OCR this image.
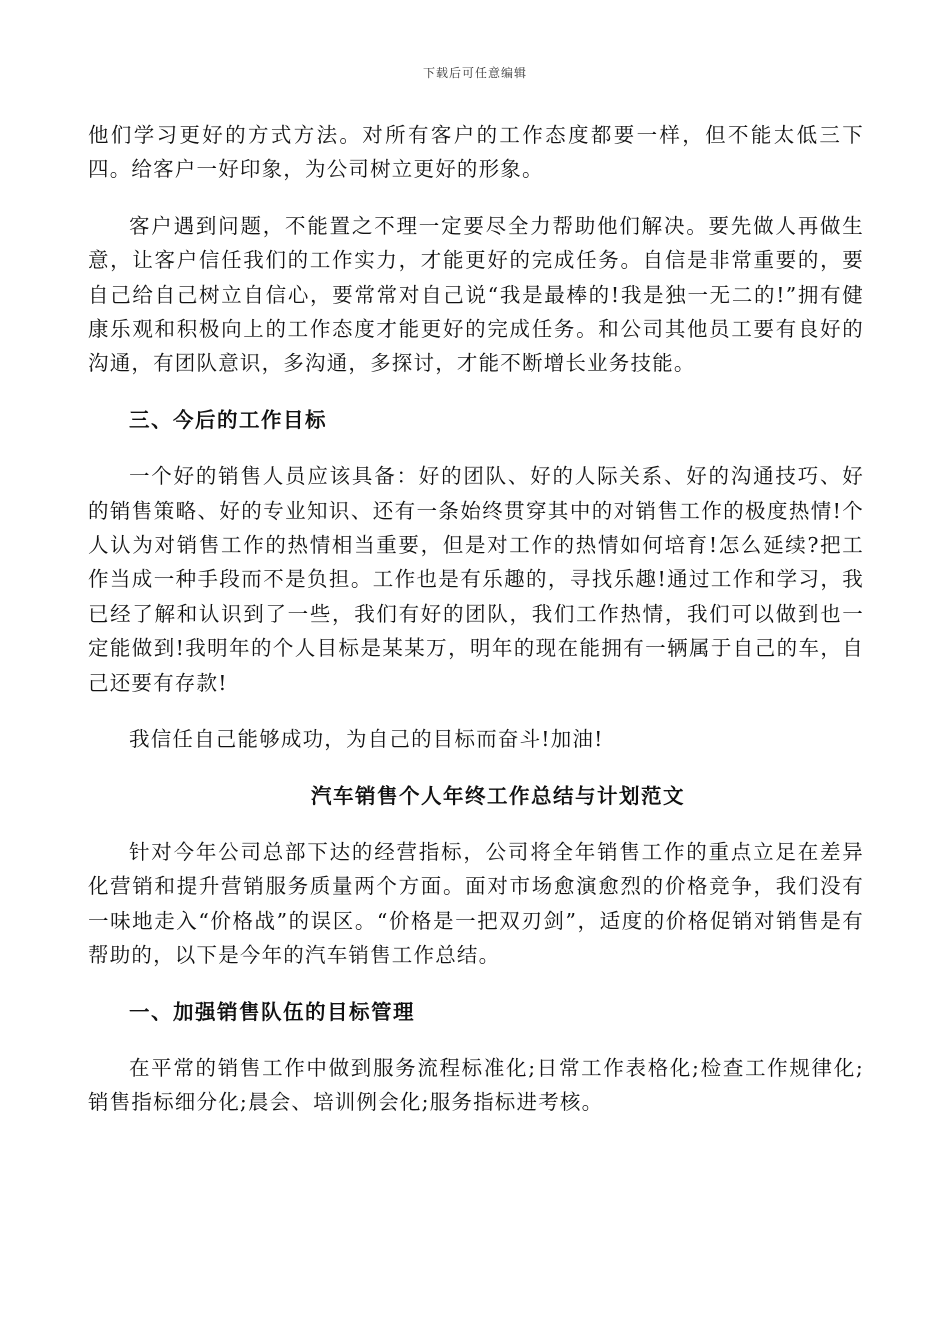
下载后可任意编辑

他们学习更好的方式方法。对所有客户的工作态度都要一样，但不能太低三下四。给客户一好印象，为公司树立更好的形象。

客户遇到问题，不能置之不理一定要尽全力帮助他们解决。要先做人再做生意，让客户信任我们的工作实力，才能更好的完成任务。自信是非常重要的，要自己给自己树立自信心，要常常对自己说“我是最棒的!我是独一无二的!”拥有健康乐观和积极向上的工作态度才能更好的完成任务。和公司其他员工要有良好的沟通，有团队意识，多沟通，多探讨，才能不断增长业务技能。

三、今后的工作目标

一个好的销售人员应该具备：好的团队、好的人际关系、好的沟通技巧、好的销售策略、好的专业知识、还有一条始终贯穿其中的对销售工作的极度热情!个人认为对销售工作的热情相当重要，但是对工作的热情如何培育!怎么延续?把工作当成一种手段而不是负担。工作也是有乐趣的，寻找乐趣!通过工作和学习，我已经了解和认识到了一些，我们有好的团队，我们工作热情，我们可以做到也一定能做到!我明年的个人目标是某某万，明年的现在能拥有一辆属于自己的车，自己还要有存款!

我信任自己能够成功，为自己的目标而奋斗!加油!

汽车销售个人年终工作总结与计划范文

针对今年公司总部下达的经营指标，公司将全年销售工作的重点立足在差异化营销和提升营销服务质量两个方面。面对市场愈演愈烈的价格竞争，我们没有一味地走入“价格战”的误区。“价格是一把双刃剑”，适度的价格促销对销售是有帮助的，以下是今年的汽车销售工作总结。

一、加强销售队伍的目标管理

在平常的销售工作中做到服务流程标准化;日常工作表格化;检查工作规律化;销售指标细分化;晨会、培训例会化;服务指标进考核。
